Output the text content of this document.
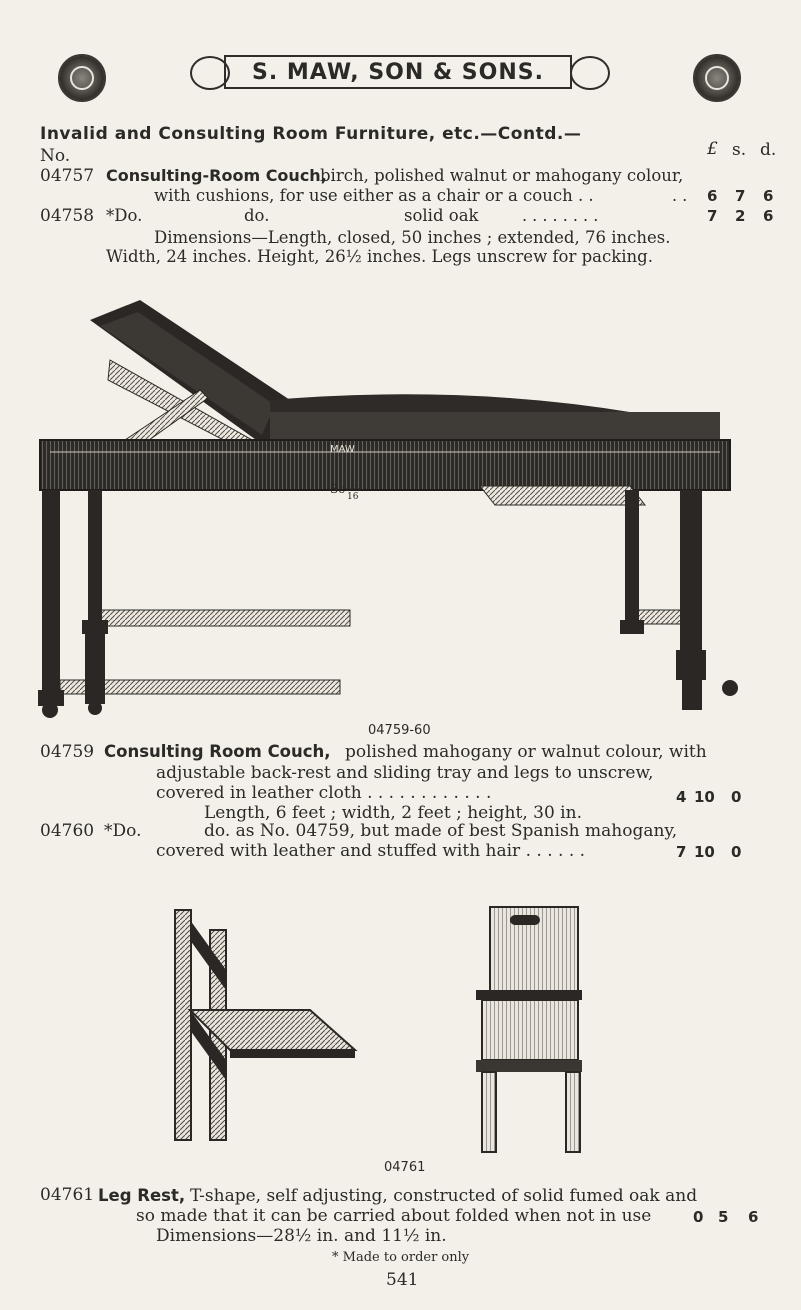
S. MAW, SON & SONS.
Invalid and Consulting Room Furniture, etc.—Contd.—
No.	£ s. d.
04757 Consulting-Room Couch,
birch, polished walnut or mahogany colour,
with cushions, for use either as a chair or a couch . .	. . 6 7 6
04758 *Do.	do.	solid oak	. . . . . . . .	7 2 6
Dimensions—Length, closed, 50 inches ; extended, 76 inches.
Width, 24 inches. Height, 26½ inches. Legs unscrew for packing.
MAW
Sc 1
16
04759-60
04759 Consulting Room Couch, polished mahogany or walnut colour, with
adjustable back-rest and sliding tray and legs to unscrew,
covered in leather cloth . . . . . . . . . . . .
Length, 6 feet ; width, 2 feet ; height, 30 in.
4 10 0
04760 *Do.	do. as No. 04759, but made of best Spanish mahogany,
covered with leather and stuffed with hair . . . . . .	7 10 0
04761
04761 Leg Rest, T-shape, self adjusting, constructed of solid fumed oak and
so made that it can be carried about folded when not in use
Dimensions—28½ in. and 11½ in.
0 5 6
* Made to order only
541
